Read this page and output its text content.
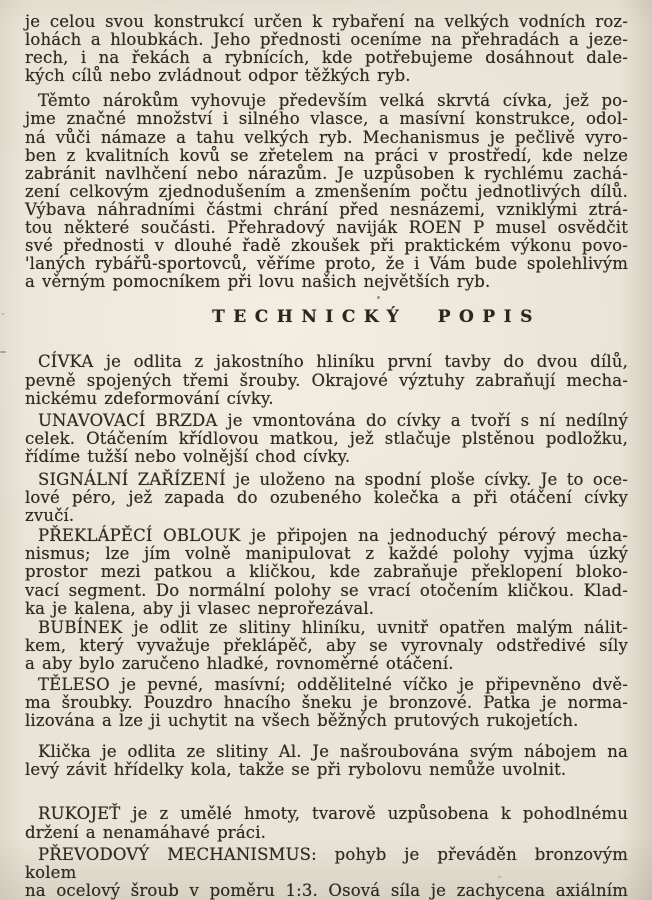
je celou svou konstrukcí určen k rybaření na velkých vodních roz-
lohách a hloubkách. Jeho přednosti oceníme na přehradách a jeze-
rech, i na řekách a rybnících, kde potřebujeme dosáhnout dale-
kých cílů nebo zvládnout odpor těžkých ryb.
Těmto nárokům vyhovuje především velká skrvtá cívka, jež po-
jme značné množství i silného vlasce, a masívní konstrukce, odol-
ná vůči námaze a tahu velkých ryb. Mechanismus je pečlivě vyro-
ben z kvalitních kovů se zřetelem na práci v prostředí, kde nelze
zabránit navlhčení nebo nárazům. Je uzpůsoben k rychlému zachá-
zení celkovým zjednodušením a zmenšením počtu jednotlivých dílů.
Výbava náhradními částmi chrání před nesnázemi, vzniklými ztrá-
tou některé součásti. Přehradový naviják ROEN P musel osvědčit
své přednosti v dlouhé řadě zkoušek při praktickém výkonu povo-
'laných rybářů-sportovců, věříme proto, že i Vám bude spolehlivým
a věrným pomocníkem při lovu našich největších ryb.
TECHNICKÝ POPIS
CÍVKA je odlita z jakostního hliníku první tavby do dvou dílů,
pevně spojených třemi šrouby. Okrajové výztuhy zabraňují mecha-
nickému zdeformování cívky.
UNAVOVACÍ BRZDA je vmontována do cívky a tvoří s ní nedílný
celek. Otáčením křídlovou matkou, jež stlačuje plstěnou podložku,
řídíme tužší nebo volnější chod cívky.
SIGNÁLNÍ ZAŘÍZENÍ je uloženo na spodní ploše cívky. Je to oce-
lové péro, jež zapada do ozubeného kolečka a při otáčení cívky
zvučí.
PŘEKLÁPĚCÍ OBLOUK je připojen na jednoduchý pérový mecha-
nismus; lze jím volně manipulovat z každé polohy vyjma úzký
prostor mezi patkou a kličkou, kde zabraňuje překlopení bloko-
vací segment. Do normální polohy se vrací otočením kličkou. Klad-
ka je kalena, aby ji vlasec neprořezával.
BUBÍNEK je odlit ze slitiny hliníku, uvnitř opatřen malým nálit-
kem, který vyvažuje překlápěč, aby se vyrovnaly odstředivé síly
a aby bylo zaručeno hladké, rovnoměrné otáčení.
TĚLESO je pevné, masívní; oddělitelné víčko je připevněno dvě-
ma šroubky. Pouzdro hnacího šneku je bronzové. Patka je norma-
lizována a lze ji uchytit na všech běžných prutových rukojetích.
Klička je odlita ze slitiny Al. Je našroubována svým nábojem na
levý závit hřídelky kola, takže se při rybolovu nemůže uvolnit.
RUKOJEŤ je z umělé hmoty, tvarově uzpůsobena k pohodlnému
držení a nenamáhavé práci.
PŘEVODOVÝ MECHANISMUS: pohyb je převáděn bronzovým kolem
na ocelový šroub v poměru 1:3. Osová síla je zachycena axiálním
